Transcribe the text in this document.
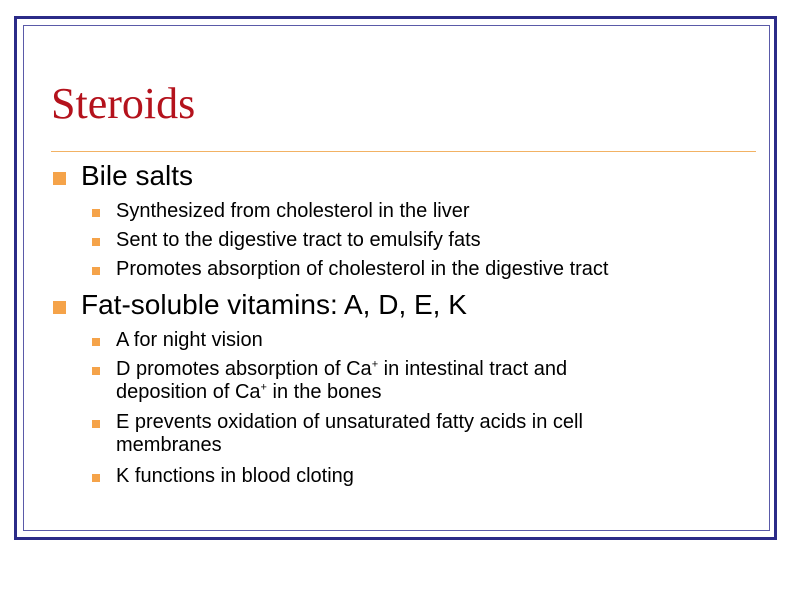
Steroids
Bile salts
Synthesized from cholesterol in the liver
Sent to the digestive tract to emulsify fats
Promotes absorption of cholesterol in the digestive tract
Fat-soluble vitamins: A, D, E, K
A for night vision
D promotes absorption of Ca+ in intestinal tract and
deposition of Ca+ in the bones
E prevents oxidation of unsaturated fatty acids in cell
membranes
K functions in blood cloting
